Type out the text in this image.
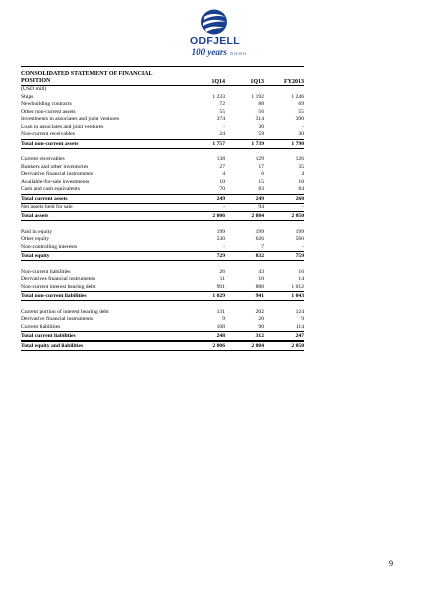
ODFJELL
100 years 1914-2014
CONSOLIDATED STATEMENT OF FINANCIAL
POSITION	1Q14	1Q13	FY2013
(USD mill)
Ships	1 233	1 192	1 246
Newbuilding contracts	72	88	69
Other non-current assets	55	56	55
Investments in associates and joint ventures	374	314	390
Loan to associates and joint ventures	-	30	-
Non-current receivables	24	59	30
Total non-current assets	1 757	1 739	1 790
Current receivables	138	129	126
Bunkers and other inventories	27	17	35
Derivative financial instruments	4	6	4
Available-for-sale investments	10	15	10
Cash and cash equivalents	70	83	84
Total current assets	249	249	260
Net assets held for sale	-	94	-
Total assets	2 006	2 084	2 050
Paid in equity	199	199	199
Other equity	530	626	560
Non-controlling interests	-	7	-
Total equity	729	832	759
Non-current liabilities	26	43	16
Derivatives financial instruments	11	10	14
Non-current interest bearing debt	991	888	1 012
Total non-current liabilities	1 029	941	1 043
Current portion of interest bearing debt	131	202	124
Derivative financial instruments	9	20	9
Current liabilities	108	90	114
Total current liabilities	248	312	247
Total equity and liabilities	2 006	2 084	2 050
9
